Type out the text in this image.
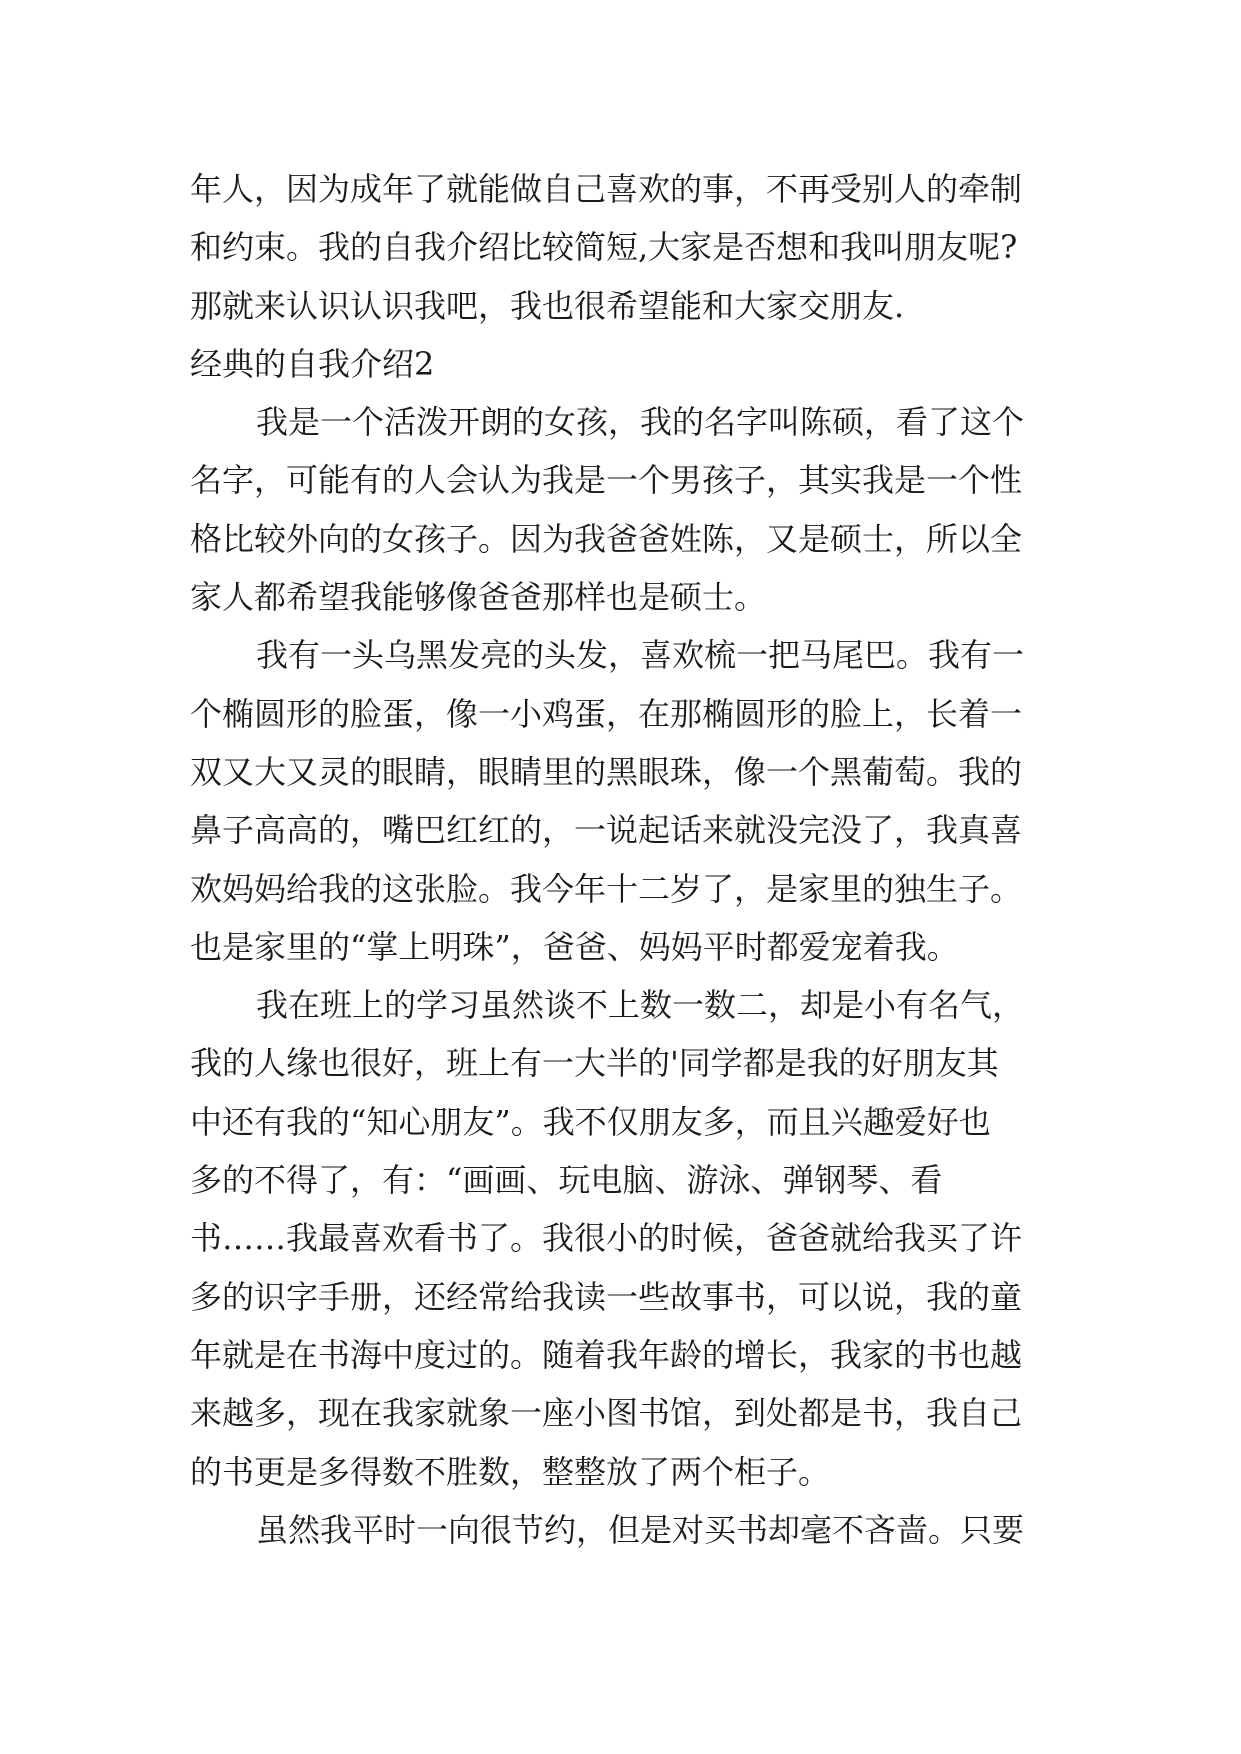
年人，因为成年了就能做自己喜欢的事，不再受别人的牵制
和约束。我的自我介绍比较简短,大家是否想和我叫朋友呢?
那就来认识认识我吧，我也很希望能和大家交朋友.
经典的自我介绍2
我是一个活泼开朗的女孩，我的名字叫陈硕，看了这个
名字，可能有的人会认为我是一个男孩子，其实我是一个性
格比较外向的女孩子。因为我爸爸姓陈，又是硕士，所以全
家人都希望我能够像爸爸那样也是硕士。
我有一头乌黑发亮的头发，喜欢梳一把马尾巴。我有一
个椭圆形的脸蛋，像一小鸡蛋，在那椭圆形的脸上，长着一
双又大又灵的眼睛，眼睛里的黑眼珠，像一个黑葡萄。我的
鼻子高高的，嘴巴红红的，一说起话来就没完没了，我真喜
欢妈妈给我的这张脸。我今年十二岁了，是家里的独生子。
也是家里的“掌上明珠”，爸爸、妈妈平时都爱宠着我。
我在班上的学习虽然谈不上数一数二，却是小有名气，
我的人缘也很好，班上有一大半的'同学都是我的好朋友其
中还有我的“知心朋友”。我不仅朋友多，而且兴趣爱好也
多的不得了，有：“画画、玩电脑、游泳、弹钢琴、看
书……我最喜欢看书了。我很小的时候，爸爸就给我买了许
多的识字手册，还经常给我读一些故事书，可以说，我的童
年就是在书海中度过的。随着我年龄的增长，我家的书也越
来越多，现在我家就象一座小图书馆，到处都是书，我自己
的书更是多得数不胜数，整整放了两个柜子。
虽然我平时一向很节约，但是对买书却毫不吝啬。只要
